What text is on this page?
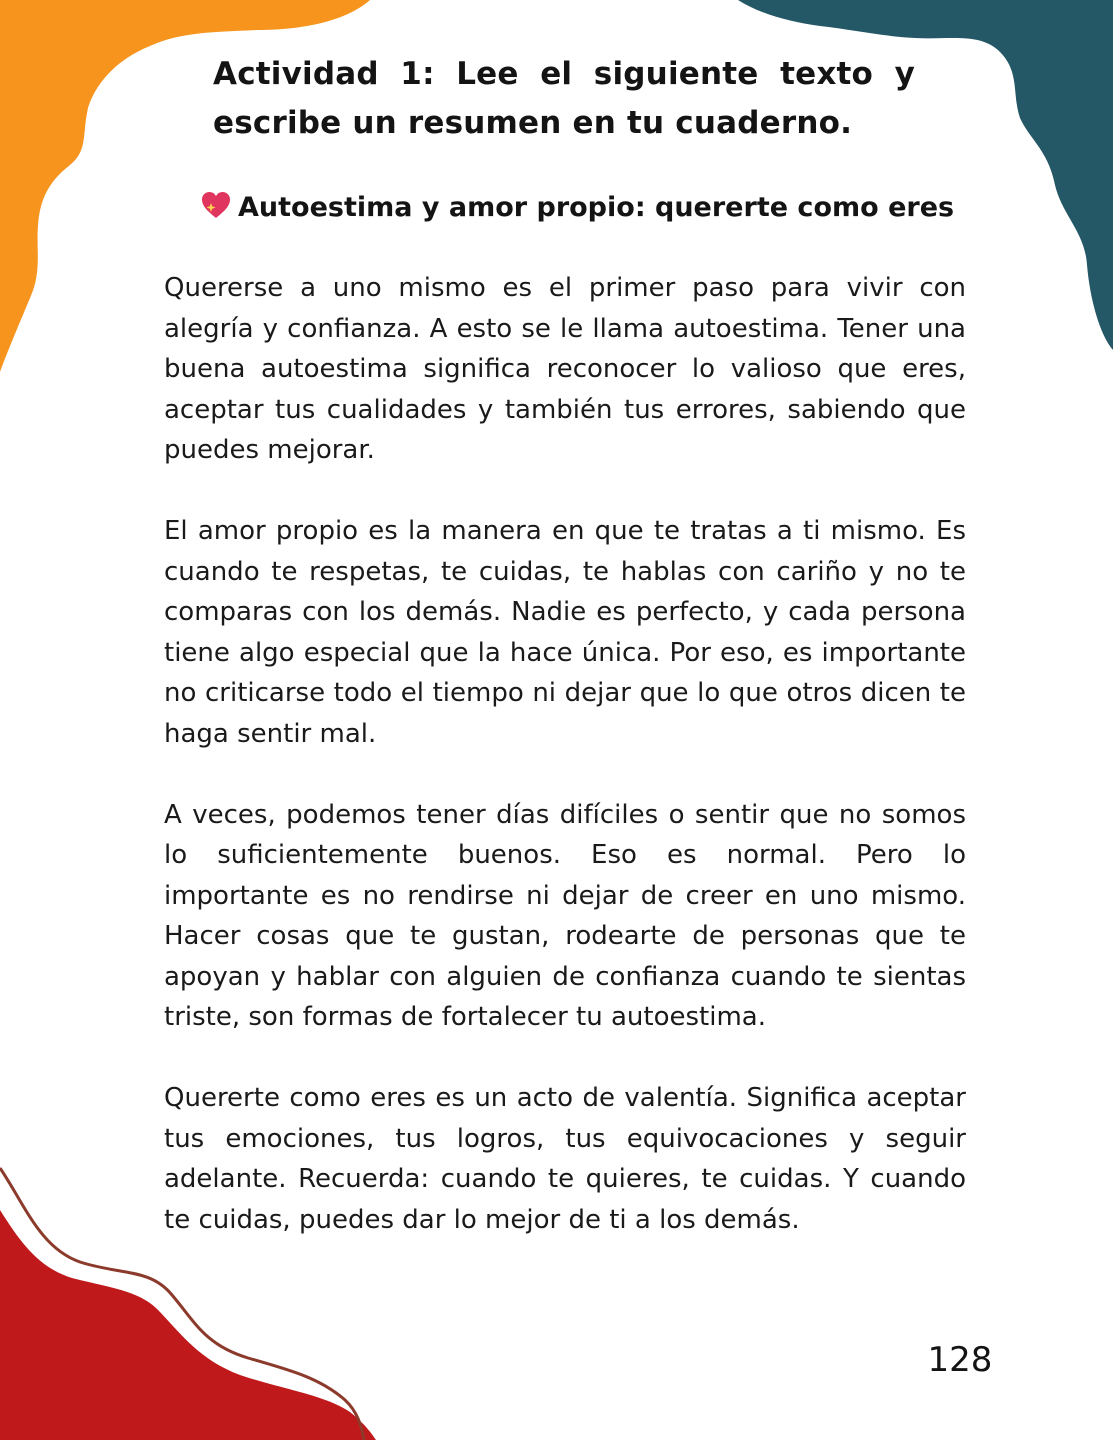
Actividad 1: Lee el siguiente texto y escribe un resumen en tu cuaderno.
Autoestima y amor propio: quererte como eres

Quererse a uno mismo es el primer paso para vivir con alegría y confianza. A esto se le llama autoestima. Tener una buena autoestima significa reconocer lo valioso que eres, aceptar tus cualidades y también tus errores, sabiendo que puedes mejorar.

El amor propio es la manera en que te tratas a ti mismo. Es cuando te respetas, te cuidas, te hablas con cariño y no te comparas con los demás. Nadie es perfecto, y cada persona tiene algo especial que la hace única. Por eso, es importante no criticarse todo el tiempo ni dejar que lo que otros dicen te haga sentir mal.

A veces, podemos tener días difíciles o sentir que no somos lo suficientemente buenos. Eso es normal. Pero lo importante es no rendirse ni dejar de creer en uno mismo. Hacer cosas que te gustan, rodearte de personas que te apoyan y hablar con alguien de confianza cuando te sientas triste, son formas de fortalecer tu autoestima.

Quererte como eres es un acto de valentía. Significa aceptar tus emociones, tus logros, tus equivocaciones y seguir adelante. Recuerda: cuando te quieres, te cuidas. Y cuando te cuidas, puedes dar lo mejor de ti a los demás.

128
